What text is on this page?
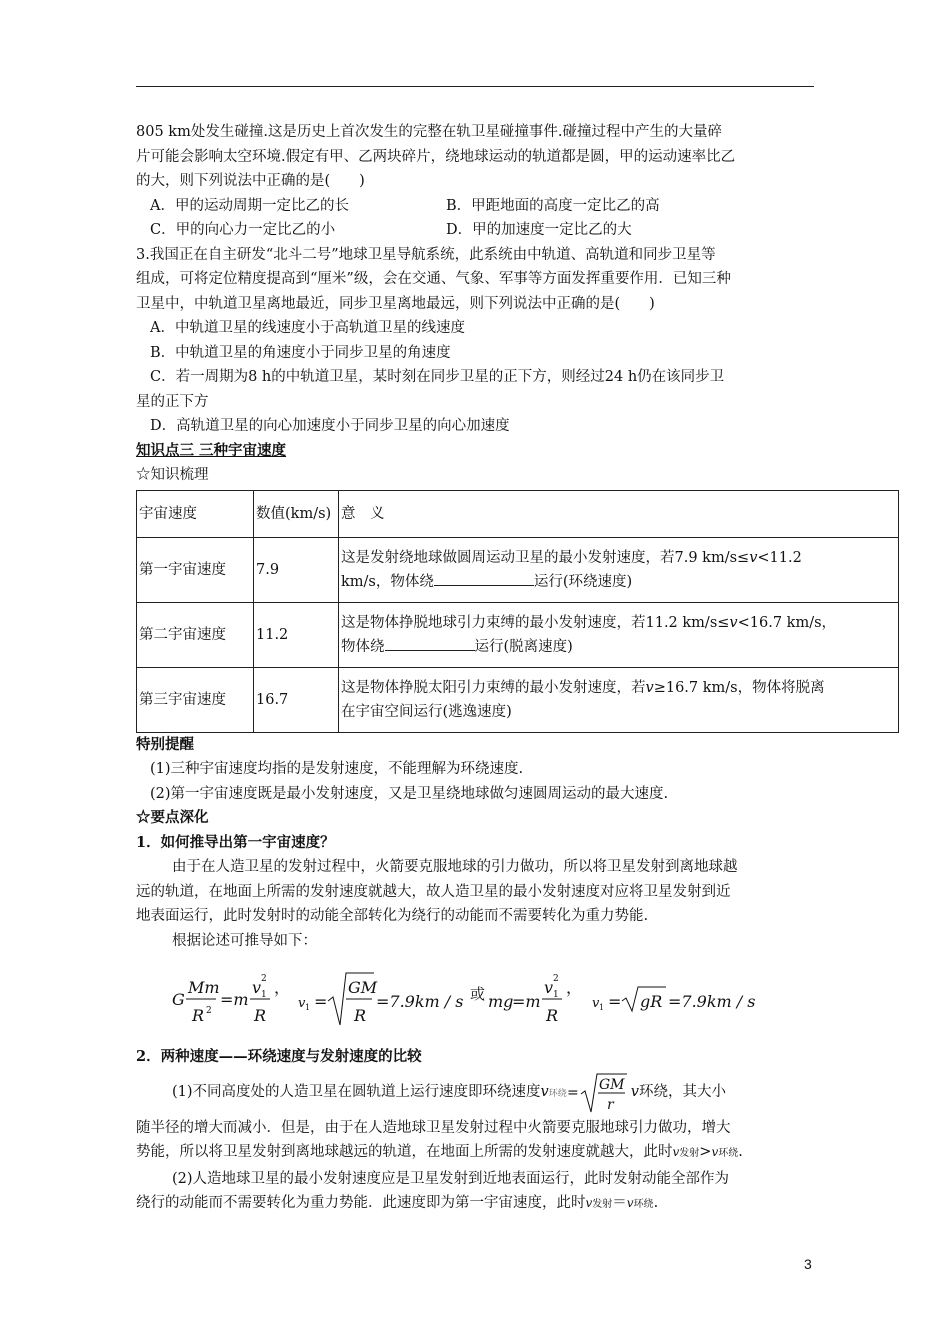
805 km处发生碰撞.这是历史上首次发生的完整在轨卫星碰撞事件.碰撞过程中产生的大量碎

片可能会影响太空环境.假定有甲、乙两块碎片，绕地球运动的轨道都是圆，甲的运动速率比乙

的大，则下列说法中正确的是(　　)

A．甲的运动周期一定比乙的长	B．甲距地面的高度一定比乙的高
C．甲的向心力一定比乙的小	D．甲的加速度一定比乙的大

3.我国正在自主研发“北斗二号”地球卫星导航系统，此系统由中轨道、高轨道和同步卫星等

组成，可将定位精度提高到“厘米”级，会在交通、气象、军事等方面发挥重要作用．已知三种

卫星中，中轨道卫星离地最近，同步卫星离地最远，则下列说法中正确的是(　　)

A．中轨道卫星的线速度小于高轨道卫星的线速度

B．中轨道卫星的角速度小于同步卫星的角速度

C．若一周期为8 h的中轨道卫星，某时刻在同步卫星的正下方，则经过24 h仍在该同步卫

星的正下方

D．高轨道卫星的向心加速度小于同步卫星的向心加速度

知识点三 三种宇宙速度

☆知识梳理

宇宙速度	数值(km/s)	意　义
第一宇宙速度	7.9	这是发射绕地球做圆周运动卫星的最小发射速度，若7.9 km/s≤v<11.2
km/s，物体绕 运行(环绕速度)
第二宇宙速度	11.2	这是物体挣脱地球引力束缚的最小发射速度，若11.2 km/s≤v<16.7 km/s，
物体绕 运行(脱离速度)
第三宇宙速度	16.7	这是物体挣脱太阳引力束缚的最小发射速度，若v≥16.7 km/s，物体将脱离
在宇宙空间运行(逃逸速度)

特别提醒

(1)三种宇宙速度均指的是发射速度，不能理解为环绕速度.

(2)第一宇宙速度既是最小发射速度，又是卫星绕地球做匀速圆周运动的最大速度.

☆要点深化

1．如何推导出第一宇宙速度？

由于在人造卫星的发射过程中，火箭要克服地球的引力做功，所以将卫星发射到离地球越

远的轨道，在地面上所需的发射速度就越大，故人造卫星的最小发射速度对应将卫星发射到近

地表面运行，此时发射时的动能全部转化为绕行的动能而不需要转化为重力势能.

根据论述可推导如下：

G
Mm
R 2
=m
v 1
2
R
，
v 1 =
GM
R
=7.9km / s 或 mg
=m
v 1
2
R
，
v 1 = gR =7.9km / s

2．两种速度——环绕速度与发射速度的比较

(1)不同高度处的人造卫星在圆轨道上运行速度即环绕速度v环绕 = GM
r
v环绕，其大小

随半径的增大而减小．但是，由于在人造地球卫星发射过程中火箭要克服地球引力做功，增大

势能，所以将卫星发射到离地球越远的轨道，在地面上所需的发射速度就越大，此时v发射>v环绕.

(2)人造地球卫星的最小发射速度应是卫星发射到近地表面运行，此时发射动能全部作为

绕行的动能而不需要转化为重力势能．此速度即为第一宇宙速度，此时v发射＝v环绕.

3
